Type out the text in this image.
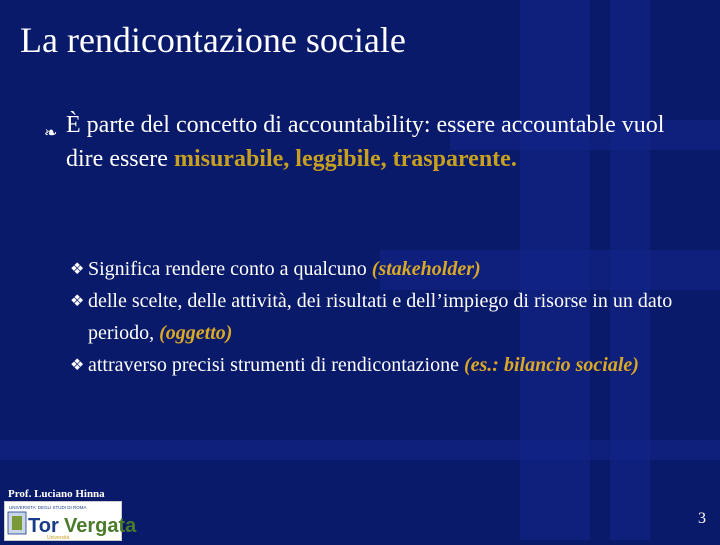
La rendicontazione sociale
❧ È parte del concetto di accountability: essere accountable vuol dire essere misurabile, leggibile, trasparente.
❖ Significa rendere conto a qualcuno (stakeholder)
❖ delle scelte, delle attività, dei risultati e dell’impiego di risorse in un dato periodo, (oggetto)
❖ attraverso precisi strumenti di rendicontazione (es.: bilancio sociale)
Prof. Luciano Hinna
UNIVERSITA' DEGLI STUDI DI ROMA
Tor Vergata
Università
3
